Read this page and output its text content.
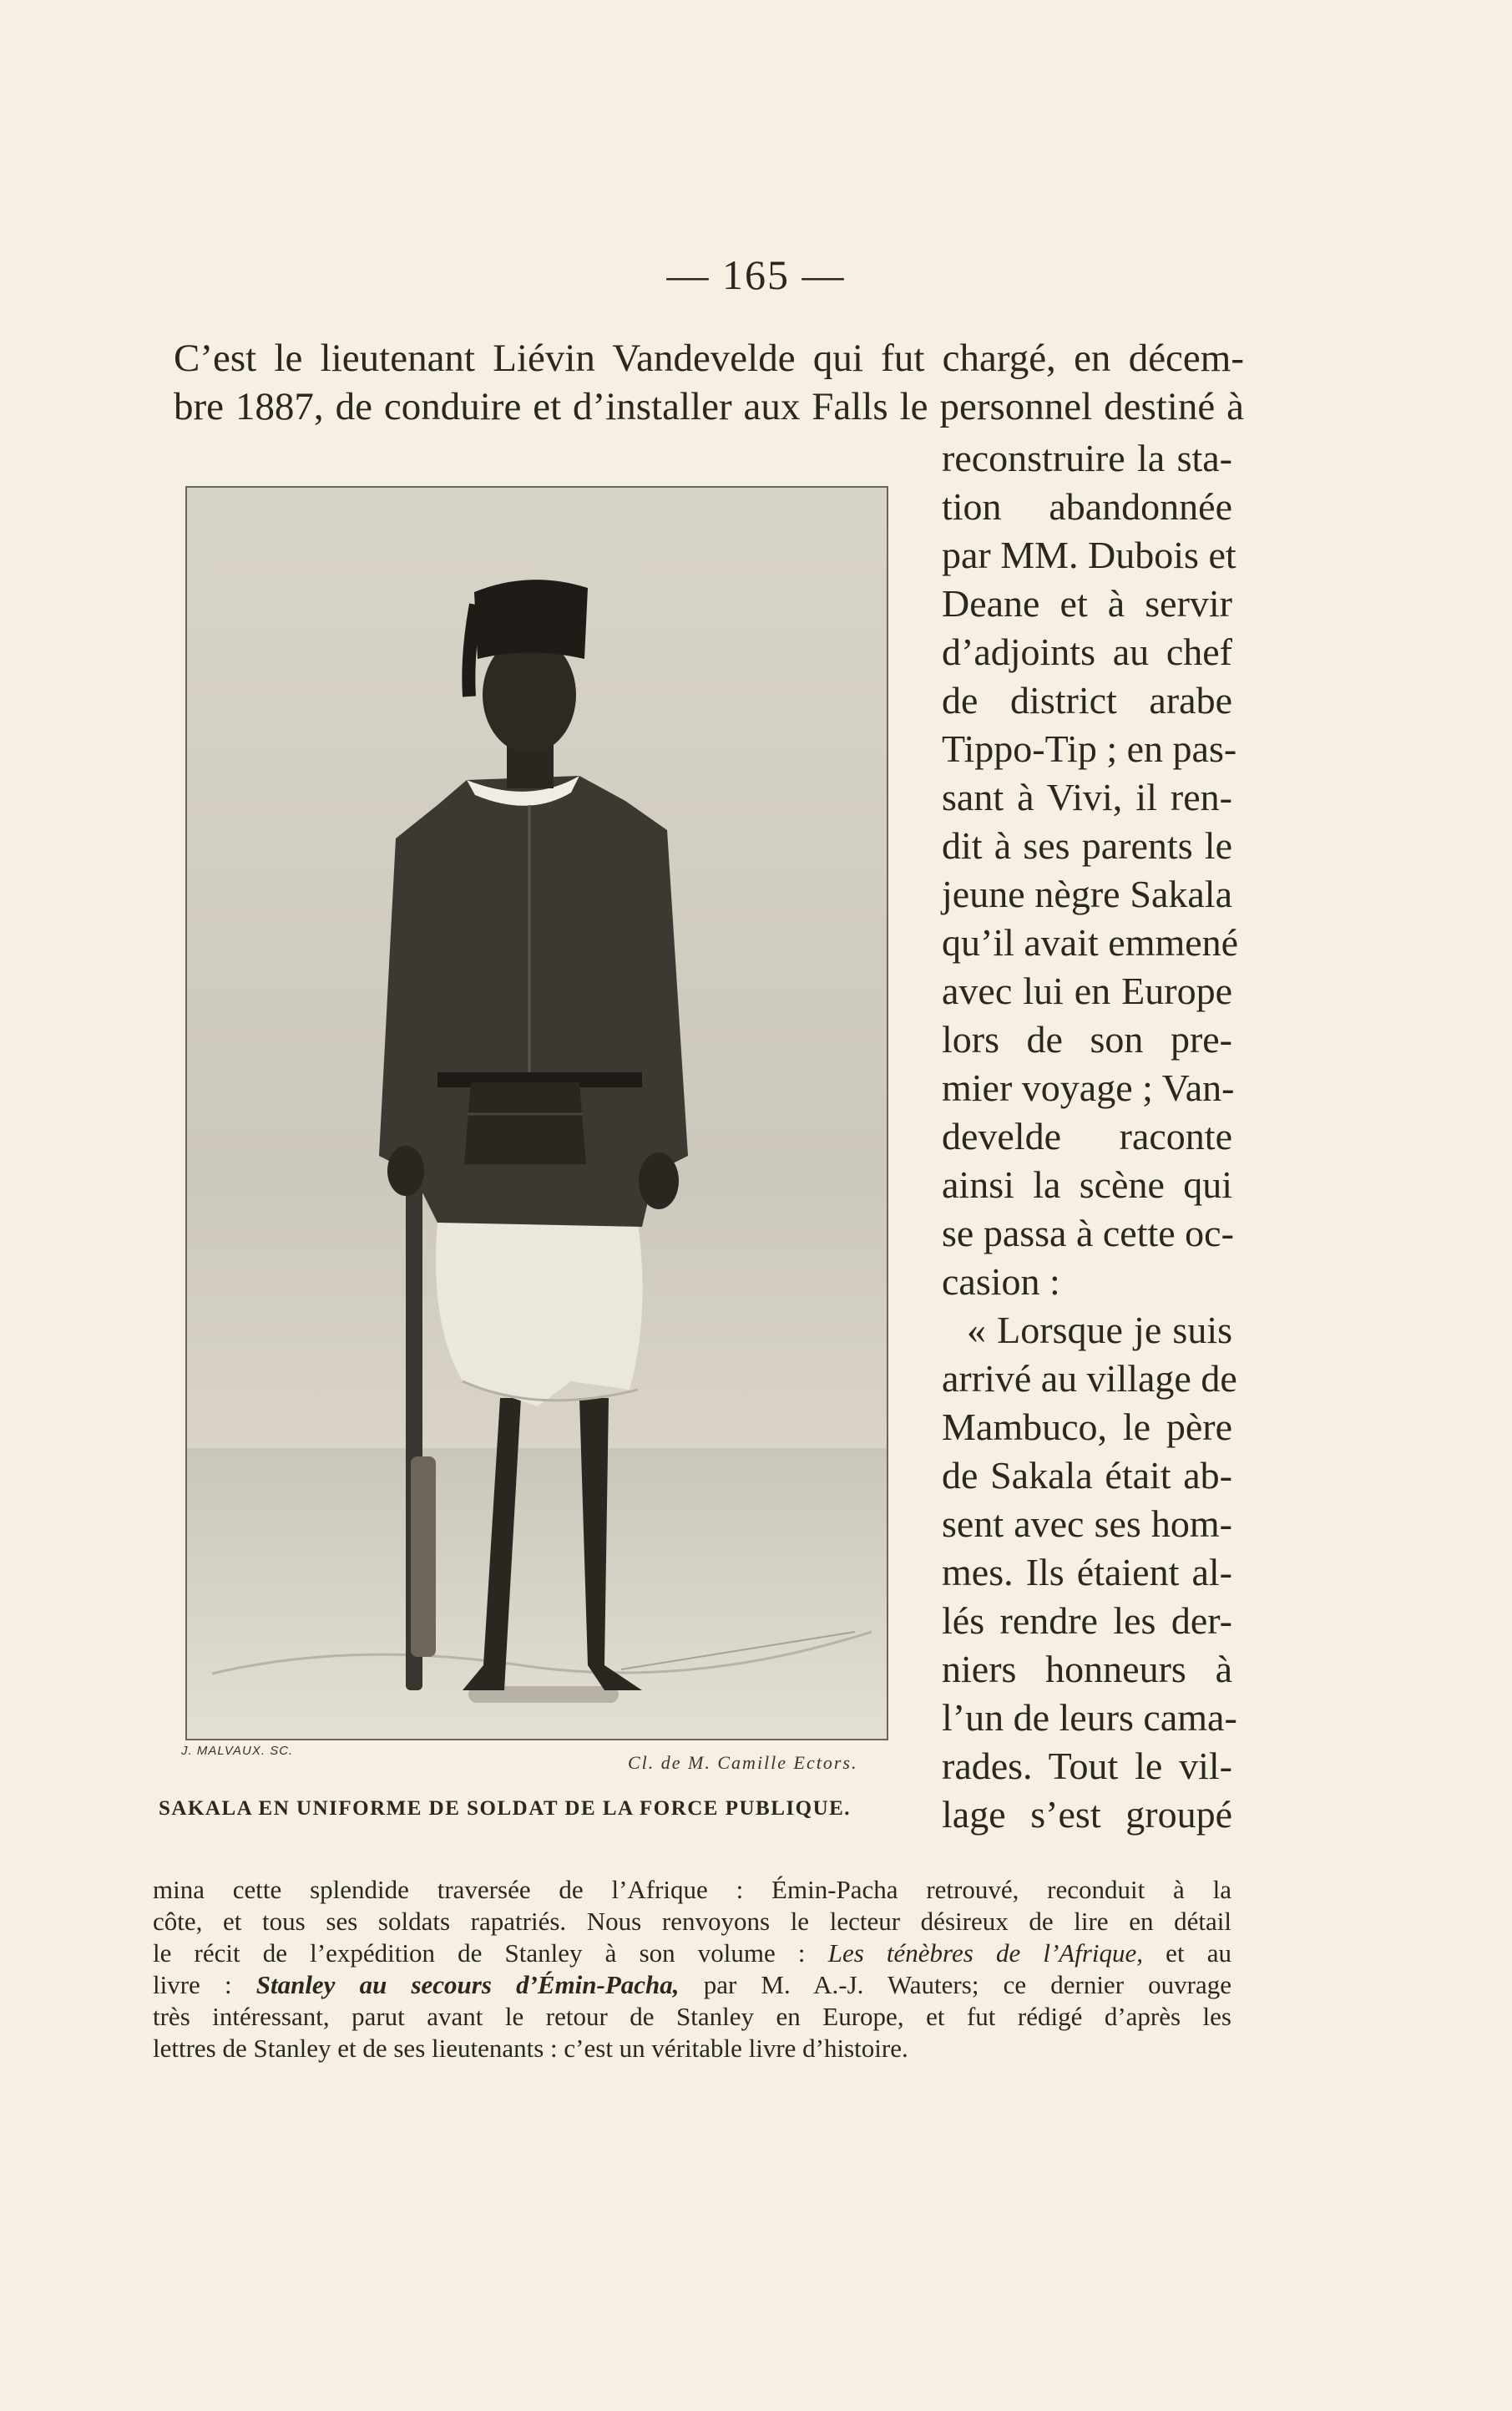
— 165 —
C’est le lieutenant Liévin Vandevelde qui fut chargé, en décem-
bre 1887, de conduire et d’installer aux Falls le personnel destiné à
J. MALVAUX. SC.
Cl. de M. Camille Ectors.
SAKALA EN UNIFORME DE SOLDAT DE LA FORCE PUBLIQUE.
reconstruire la sta-
tion abandonnée
par MM. Dubois et
Deane et à servir
d’adjoints au chef
de district arabe
Tippo-Tip ; en pas-
sant à Vivi, il ren-
dit à ses parents le
jeune nègre Sakala
qu’il avait emmené
avec lui en Europe
lors de son pre-
mier voyage ; Van-
develde raconte
ainsi la scène qui
se passa à cette oc-
casion :
« Lorsque je suis
arrivé au village de
Mambuco, le père
de Sakala était ab-
sent avec ses hom-
mes. Ils étaient al-
lés rendre les der-
niers honneurs à
l’un de leurs cama-
rades. Tout le vil-
lage s’est groupé
mina cette splendide traversée de l’Afrique : Émin-Pacha retrouvé, reconduit à la
côte, et tous ses soldats rapatriés. Nous renvoyons le lecteur désireux de lire en détail
le récit de l’expédition de Stanley à son volume : Les ténèbres de l’Afrique, et au
livre : Stanley au secours d’Émin-Pacha, par M. A.-J. Wauters; ce dernier ouvrage
très intéressant, parut avant le retour de Stanley en Europe, et fut rédigé d’après les
lettres de Stanley et de ses lieutenants : c’est un véritable livre d’histoire.
